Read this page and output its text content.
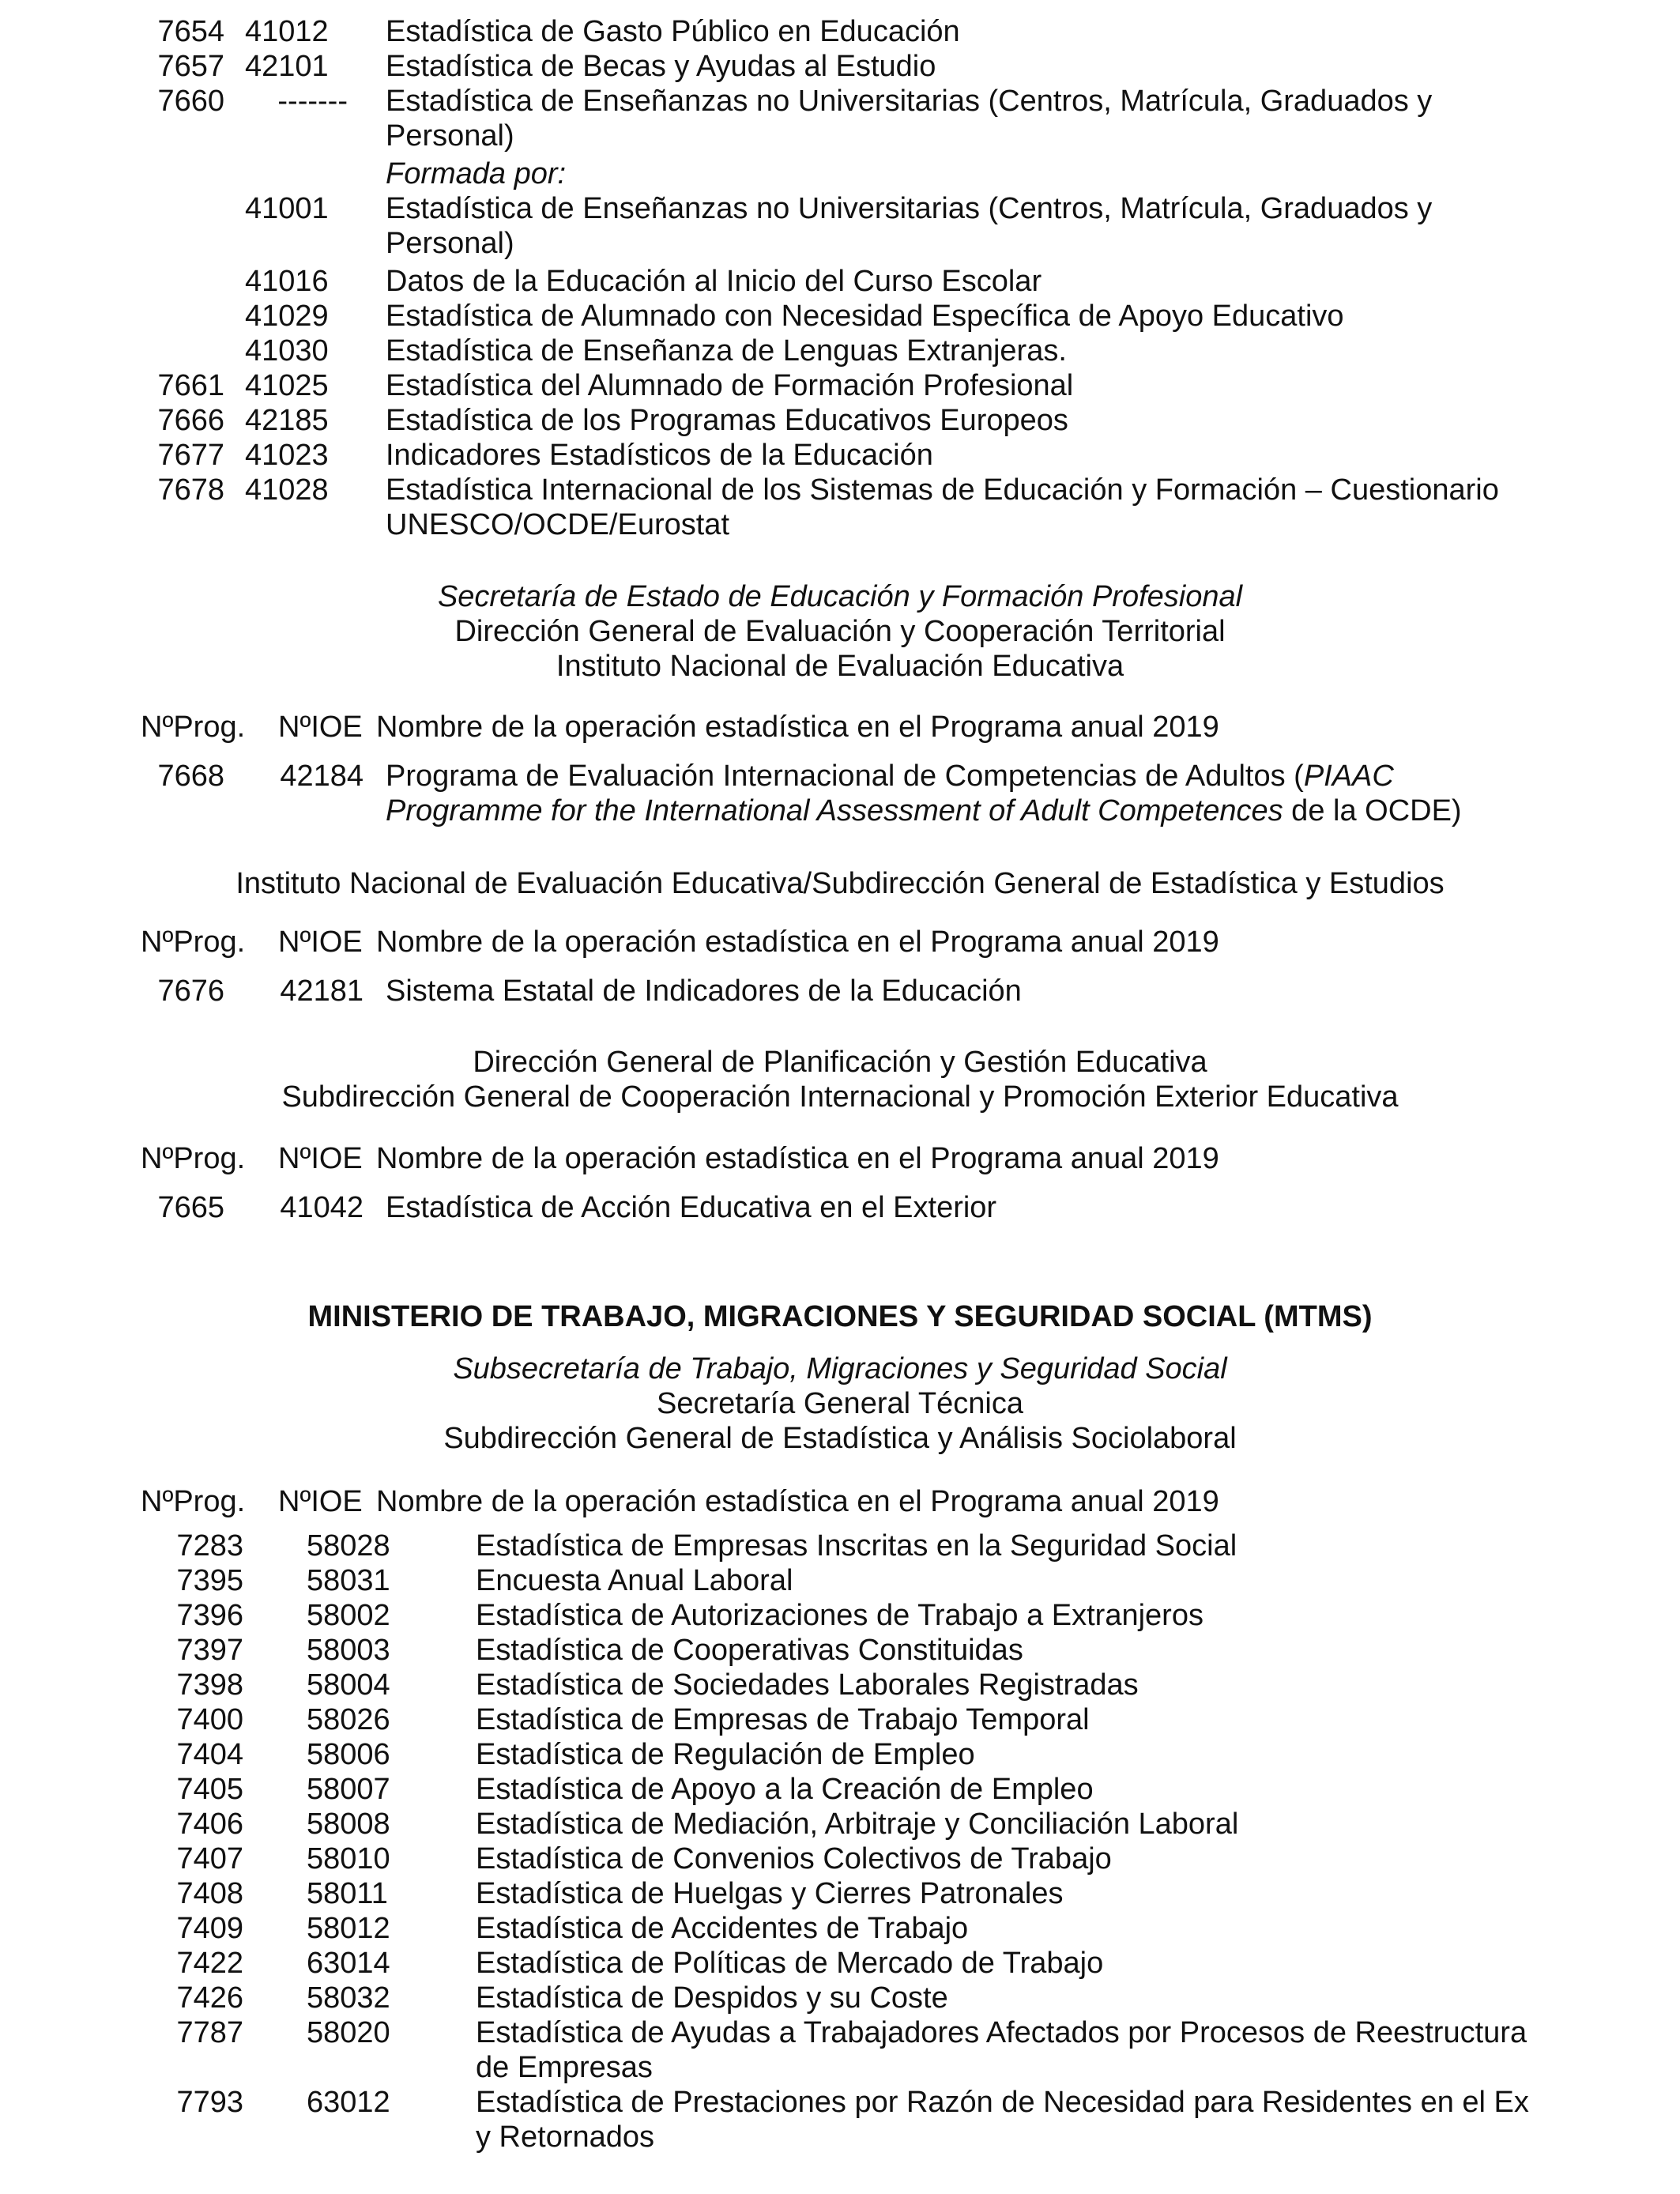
7654 41012 Estadística de Gasto Público en Educación
7657 42101 Estadística de Becas y Ayudas al Estudio
7660	------- Estadística de Enseñanzas no Universitarias (Centros, Matrícula, Graduados y
Personal)
Formada por:
41001 Estadística de Enseñanzas no Universitarias (Centros, Matrícula, Graduados y
Personal)
41016 Datos de la Educación al Inicio del Curso Escolar
41029 Estadística de Alumnado con Necesidad Específica de Apoyo Educativo
41030 Estadística de Enseñanza de Lenguas Extranjeras.
7661 41025 Estadística del Alumnado de Formación Profesional
7666 42185 Estadística de los Programas Educativos Europeos
7677 41023 Indicadores Estadísticos de la Educación
7678 41028 Estadística Internacional de los Sistemas de Educación y Formación – Cuestionario
UNESCO/OCDE/Eurostat
Secretaría de Estado de Educación y Formación Profesional
Dirección General de Evaluación y Cooperación Territorial
Instituto Nacional de Evaluación Educativa
NºProg. NºIOE Nombre de la operación estadística en el Programa anual 2019
7668	42184 Programa de Evaluación Internacional de Competencias de Adultos (PIAAC
Programme for the International Assessment of Adult Competences de la OCDE)
Instituto Nacional de Evaluación Educativa/Subdirección General de Estadística y Estudios
NºProg. NºIOE Nombre de la operación estadística en el Programa anual 2019
7676	42181 Sistema Estatal de Indicadores de la Educación
Dirección General de Planificación y Gestión Educativa
Subdirección General de Cooperación Internacional y Promoción Exterior Educativa
NºProg. NºIOE Nombre de la operación estadística en el Programa anual 2019
7665	41042 Estadística de Acción Educativa en el Exterior
MINISTERIO DE TRABAJO, MIGRACIONES Y SEGURIDAD SOCIAL (MTMS)
Subsecretaría de Trabajo, Migraciones y Seguridad Social
Secretaría General Técnica
Subdirección General de Estadística y Análisis Sociolaboral
NºProg. NºIOE Nombre de la operación estadística en el Programa anual 2019
7283 58028	Estadística de Empresas Inscritas en la Seguridad Social
7395 58031	Encuesta Anual Laboral
7396 58002	Estadística de Autorizaciones de Trabajo a Extranjeros
7397 58003	Estadística de Cooperativas Constituidas
7398 58004	Estadística de Sociedades Laborales Registradas
7400 58026	Estadística de Empresas de Trabajo Temporal
7404 58006	Estadística de Regulación de Empleo
7405 58007	Estadística de Apoyo a la Creación de Empleo
7406 58008	Estadística de Mediación, Arbitraje y Conciliación Laboral
7407 58010	Estadística de Convenios Colectivos de Trabajo
7408 58011	Estadística de Huelgas y Cierres Patronales
7409 58012	Estadística de Accidentes de Trabajo
7422 63014	Estadística de Políticas de Mercado de Trabajo
7426 58032	Estadística de Despidos y su Coste
7787 58020	Estadística de Ayudas a Trabajadores Afectados por Procesos de Reestructura
de Empresas
7793 63012	Estadística de Prestaciones por Razón de Necesidad para Residentes en el Ex
y Retornados
